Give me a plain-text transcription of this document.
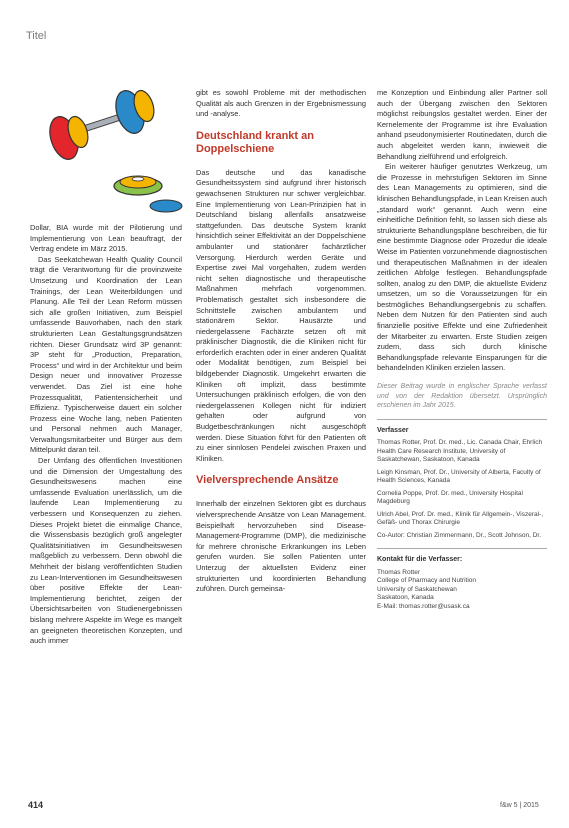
Titel

Dollar, BIA wurde mit der Pilotierung und Implementierung von Lean beauftragt, der Vertrag endete im März 2015.

Das Seekatchewan Health Quality Council trägt die Verantwortung für die provinzweite Umsetzung und Koordination der Lean Trainings, der Lean Weiterbildungen und Planung. Alle Teil der Lean Reform müssen sich alle großen Initiativen, zum Beispiel umfassende Bauvorhaben, nach den stark strukturierten Lean Gestaltungsgrundsätzen richten. Dieser Grundsatz wird 3P genannt: 3P steht für „Production, Preparation, Process“ und wird in der Architektur und beim Design neuer und innovativer Prozesse verwendet. Das Ziel ist eine hohe Prozessqualität, Patientensicherheit und Effizienz. Typischerweise dauert ein solcher Prozess eine Woche lang, neben Patienten und Personal nehmen auch Manager, Verwaltungsmitarbeiter und Bürger aus dem Mittelpunkt daran teil.

Der Umfang des öffentlichen Investitionen und die Dimension der Umgestaltung des Gesundheitswesens machen eine umfassende Evaluation unerlässlich, um die laufende Lean Implementierung zu verbessern und Konsequenzen zu ziehen. Dieses Projekt bietet die einmalige Chance, die Wissensbasis bezüglich groß angelegter Qualitätsinitiativen im Gesundheitswesen maßgeblich zu verbessern. Denn obwohl die Mehrheit der bislang veröffentlichten Studien zu Lean-Interventionen im Gesundheitswesen über positive Effekte der Lean-Implementierung berichtet, zeigen der Übersichtsarbeiten von Studienergebnissen bislang mehrere Aspekte im Wege es mangelt an geeigneten theoretischen Konzepten, und auch immer

gibt es sowohl Probleme mit der methodischen Qualität als auch Grenzen in der Ergebnismessung und -analyse.

Deutschland krankt an Doppelschiene

Das deutsche und das kanadische Gesundheitssystem sind aufgrund ihrer historisch gewachsenen Strukturen nur schwer vergleichbar. Eine Implementierung von Lean-Prinzipien hat in Deutschland bislang allenfalls ansatzweise stattgefunden. Das deutsche System krankt hinsichtlich seiner Effektivität an der Doppelschiene ambulanter und stationärer fachärztlicher Versorgung. Hierdurch werden Geräte und Expertise zwei Mal vorgehalten, zudem werden nicht selten diagnostische und therapeutische Maßnahmen mehrfach vorgenommen. Problematisch gestaltet sich insbesondere die Schnittstelle zwischen ambulantem und stationärem Sektor. Hausärzte und niedergelassene Fachärzte setzen oft mit präklinischer Diagnostik, die die Kliniken nicht für erforderlich erachten oder in einer anderen Qualität oder Modalität benötigen, zum Beispiel bei bildgebender Diagnostik. Umgekehrt erwarten die Kliniken oft implizit, dass bestimmte Untersuchungen präklinisch erfolgen, die von den niedergelassenen Kollegen nicht für indiziert gehalten oder aufgrund von Budgetbeschränkungen nicht ausgeschöpft werden. Diese Situation führt für den Patienten oft zu einer sinnlosen Pendelei zwischen Praxen und Kliniken.

Vielversprechende Ansätze

Innerhalb der einzelnen Sektoren gibt es durchaus vielversprechende Ansätze von Lean Management. Beispielhaft hervorzuheben sind Disease-Management-Programme (DMP), die medizinische für mehrere chronische Erkrankungen ins Leben gerufen wurden. Sie sollen Patienten unter Unterzug der aktuellsten Evidenz einer strukturierten und koordinierten Behandlung zuführen. Durch gemeinsa-

me Konzeption und Einbindung aller Partner soll auch der Übergang zwischen den Sektoren möglichst reibungslos gestaltet werden. Einer der Kernelemente der Programme ist ihre Evaluation anhand pseudonymisierter Routinedaten, durch die auch abgeleitet werden kann, inwieweit die Behandlung zielführend und erfolgreich.

Ein weiterer häufiger genutztes Werkzeug, um die Prozesse in mehrstufigen Sektoren im Sinne des Lean Managements zu optimieren, sind die klinischen Behandlungspfade, in Lean Kreisen auch „standard work“ genannt. Auch wenn eine einheitliche Definition fehlt, so lassen sich diese als strukturierte Behandlungspläne beschreiben, die für eine bestimmte Diagnose oder Prozedur die ideale Weise im Patienten vorzunehmende diagnostischen und therapeutischen Maßnahmen in der idealen zeitlichen Abfolge festlegen. Behandlungspfade sollten, analog zu den DMP, die aktuellste Evidenz umsetzen, um so die Voraussetzungen für ein bestmögliches Behandlungsergebnis zu schaffen. Neben dem Nutzen für den Patienten sind auch finanzielle positive Effekte und eine Zufriedenheit der Mitarbeiter zu erwarten. Erste Studien zeigen zudem, dass sich durch klinische Behandlungspfade relevante Einsparungen für die behandelnden Kliniken erzielen lassen.

Dieser Beitrag wurde in englischer Sprache verfasst und von der Redaktion übersetzt. Ursprünglich erschienen im Jahr 2015.
Verfasser
Thomas Rotter, Prof. Dr. med., Lic. Canada Chair, Ehrlich Health Care Research Institute, University of Saskatchewan, Saskatoon, Kanada
Leigh Kinsman, Prof. Dr., University of Alberta, Faculty of Health Sciences, Kanada
Cornelia Poppe, Prof. Dr. med., University Hospital Magdeburg
Ulrich Abel, Prof. Dr. med., Klinik für Allgemein-, Viszeral-, Gefäß- und Thorax Chirurgie
Co-Autor: Christian Zimmermann, Dr., Scott Johnson, Dr.
Kontakt für die Verfasser:
Thomas Rotter
College of Pharmacy and Nutrition
University of Saskatchewan
Saskatoon, Kanada
E-Mail: thomas.rotter@usask.ca
414	f&w 5 | 2015
